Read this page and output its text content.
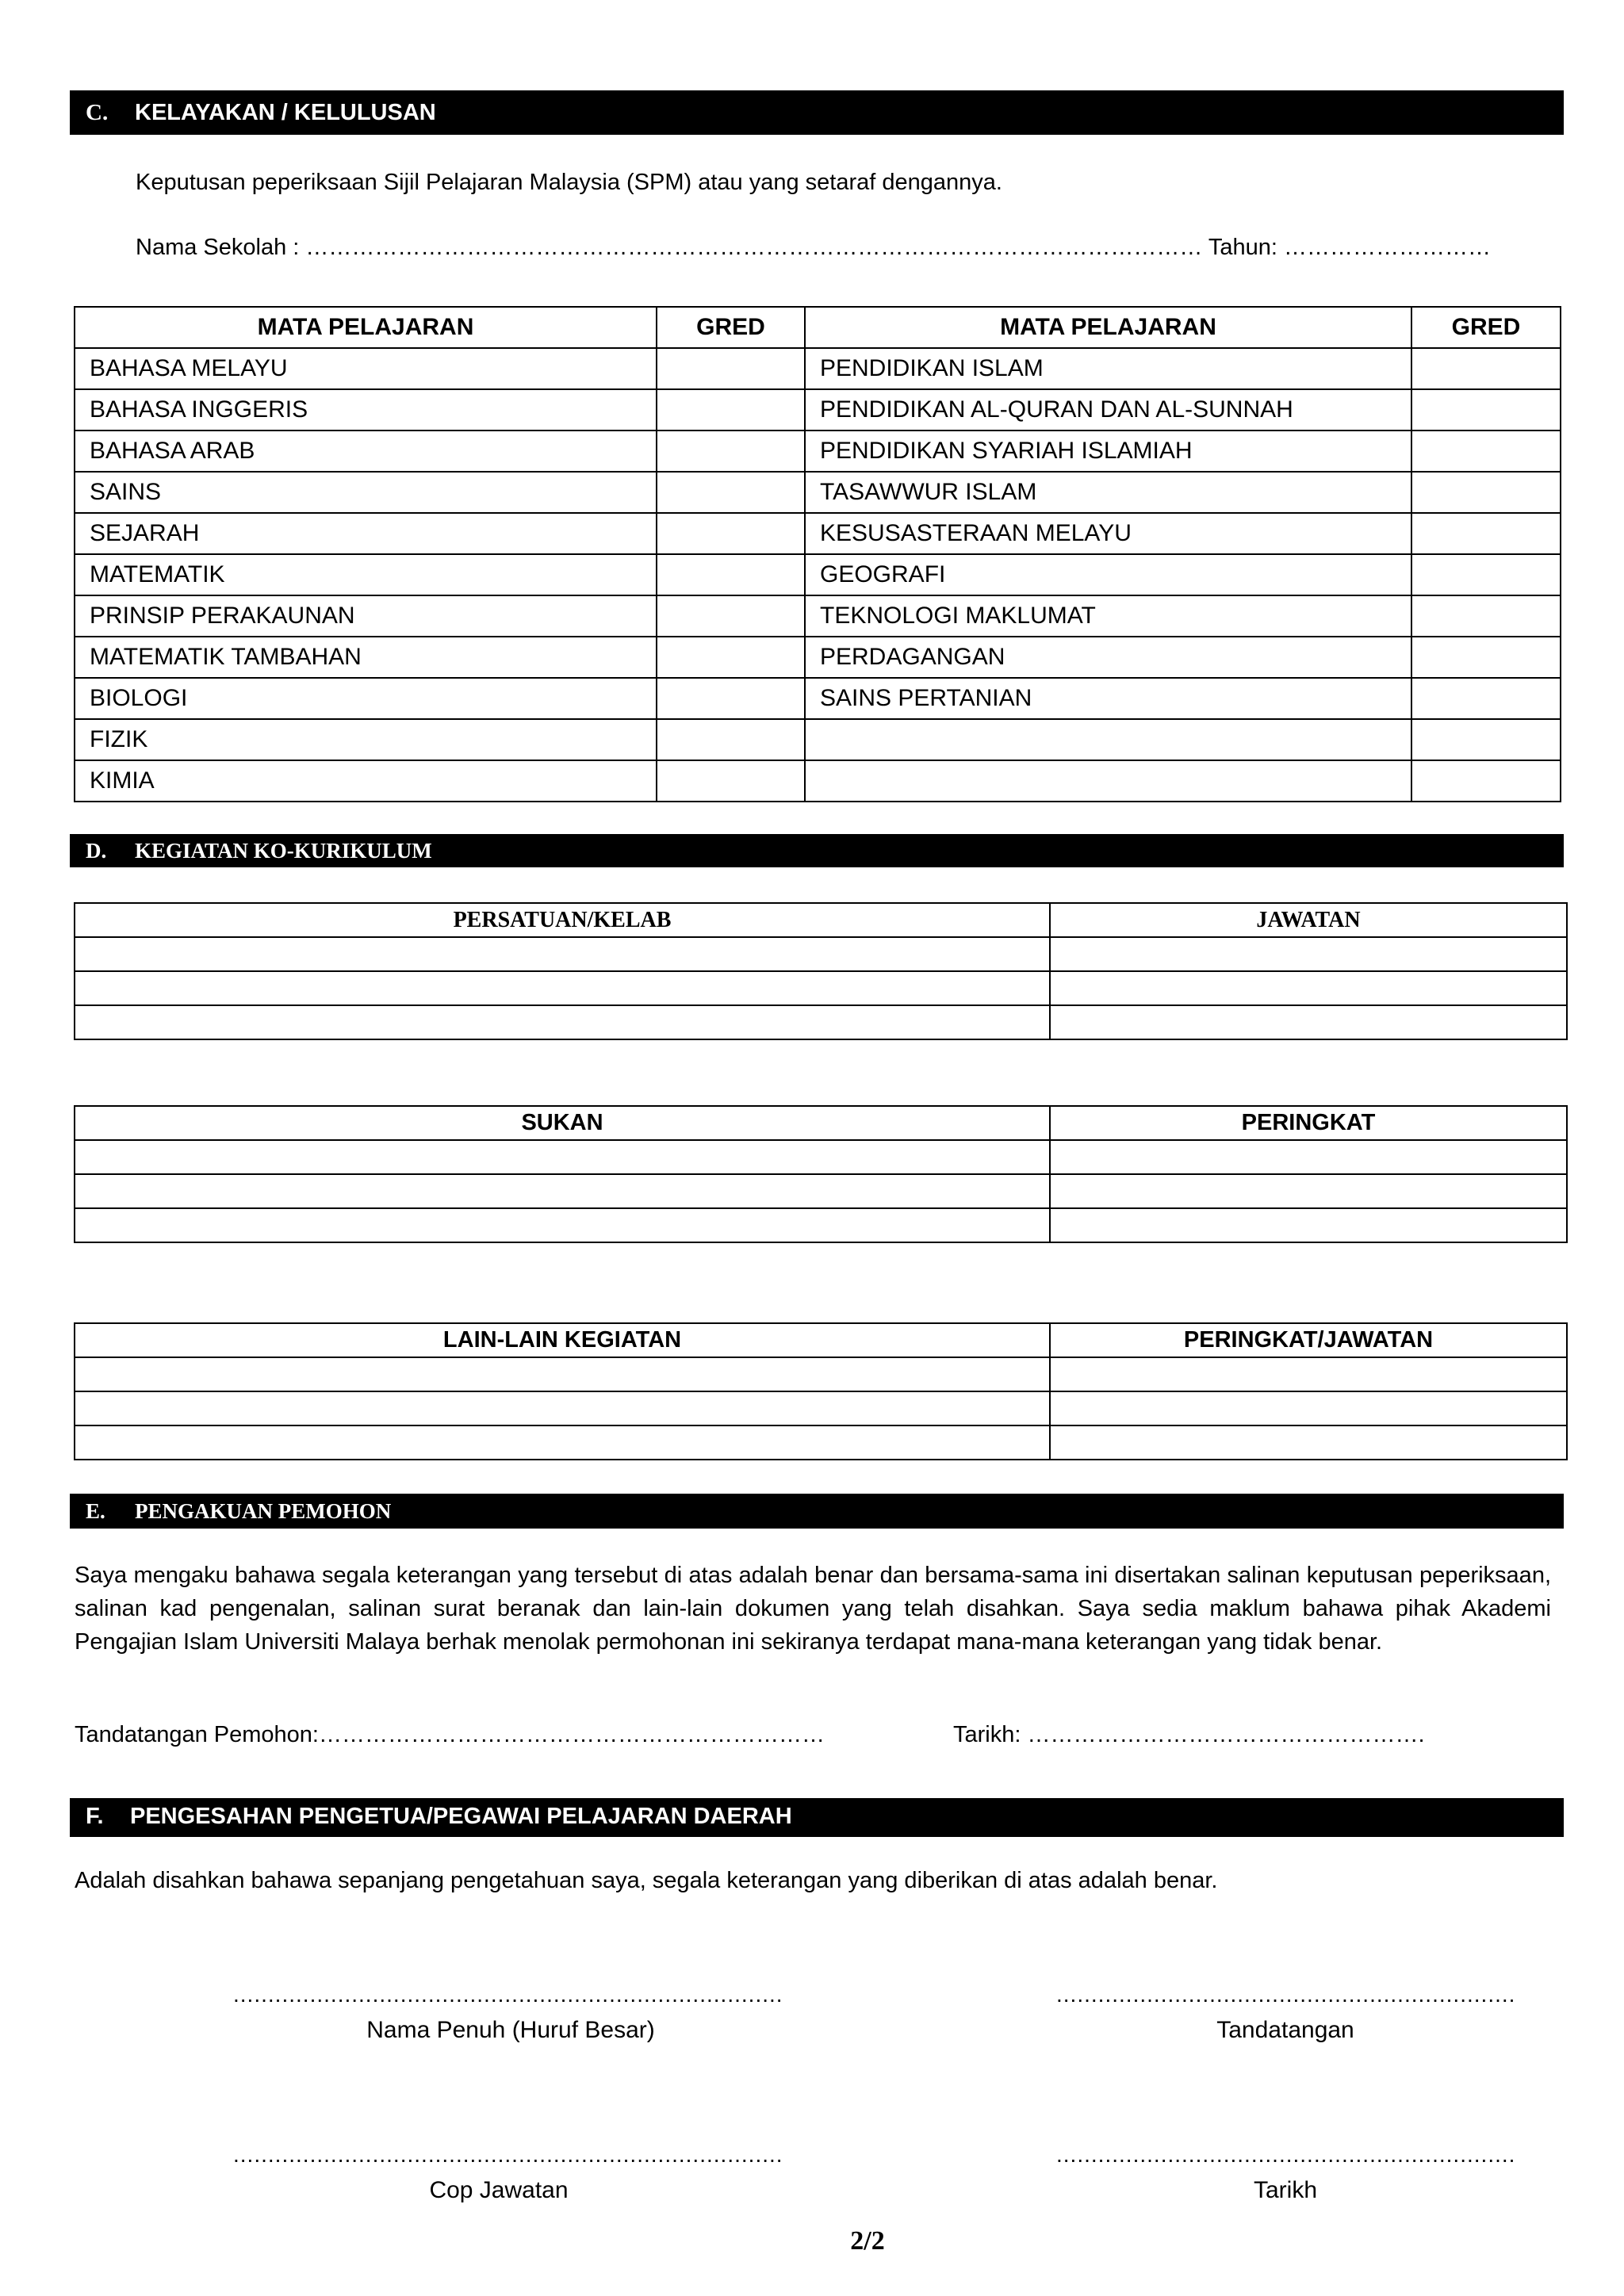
C. KELAYAKAN / KELULUSAN
Keputusan peperiksaan Sijil Pelajaran Malaysia (SPM) atau yang setaraf dengannya.
Nama Sekolah : ……………………………………………………………………………………………………… Tahun: ………………………
MATA PELAJARAN	GRED	MATA PELAJARAN	GRED
BAHASA MELAYU		PENDIDIKAN ISLAM	
BAHASA INGGERIS		PENDIDIKAN AL-QURAN DAN AL-SUNNAH	
BAHASA ARAB		PENDIDIKAN SYARIAH ISLAMIAH	
SAINS		TASAWWUR ISLAM	
SEJARAH		KESUSASTERAAN MELAYU	
MATEMATIK		GEOGRAFI	
PRINSIP PERAKAUNAN		TEKNOLOGI MAKLUMAT	
MATEMATIK TAMBAHAN		PERDAGANGAN	
BIOLOGI		SAINS PERTANIAN	
FIZIK			
KIMIA			
D. KEGIATAN KO-KURIKULUM
PERSATUAN/KELAB	JAWATAN

SUKAN	PERINGKAT

LAIN-LAIN KEGIATAN	PERINGKAT/JAWATAN

E. PENGAKUAN PEMOHON
Saya mengaku bahawa segala keterangan yang tersebut di atas adalah benar dan bersama-sama ini disertakan salinan keputusan peperiksaan, salinan kad pengenalan, salinan surat beranak dan lain-lain dokumen yang telah disahkan. Saya sedia maklum bahawa pihak Akademi Pengajian Islam Universiti Malaya berhak menolak permohonan ini sekiranya terdapat mana-mana keterangan yang tidak benar.
Tandatangan Pemohon:…………………………………………………………	Tarikh: …………………………………………….
F. PENGESAHAN PENGETUA/PEGAWAI PELAJARAN DAERAH
Adalah disahkan bahawa sepanjang pengetahuan saya, segala keterangan yang diberikan di atas adalah benar.
...............................................................................
Nama Penuh (Huruf Besar)
..................................................................
Tandatangan
...............................................................................
Cop Jawatan
..................................................................
Tarikh
2/2
